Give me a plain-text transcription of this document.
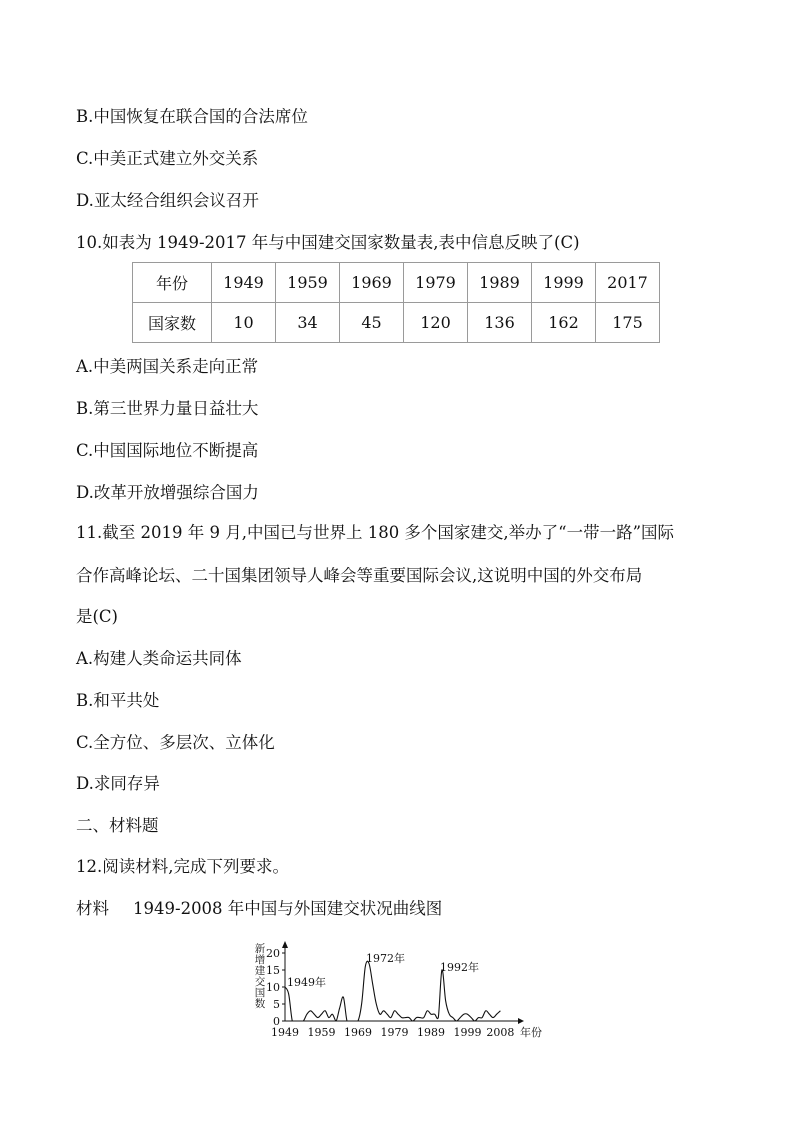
B.中国恢复在联合国的合法席位
C.中美正式建立外交关系
D.亚太经合组织会议召开
10.如表为 1949-2017 年与中国建交国家数量表,表中信息反映了(C)
年份	1949	1959	1969	1979	1989	1999	2017
国家数	10	34	45	120	136	162	175
A.中美两国关系走向正常
B.第三世界力量日益壮大
C.中国国际地位不断提高
D.改革开放增强综合国力
11.截至 2019 年 9 月,中国已与世界上 180 多个国家建交,举办了“一带一路”国际
合作高峰论坛、二十国集团领导人峰会等重要国际会议,这说明中国的外交布局
是(C)
A.构建人类命运共同体
B.和平共处
C.全方位、多层次、立体化
D.求同存异
二、材料题
12.阅读材料,完成下列要求。
材料 1949-2008 年中国与外国建交状况曲线图
0
5
10
15
20
1949 1959 1969 1979 1989 1999 2008 年份
新增建交国数
1949年
1972年
1992年
